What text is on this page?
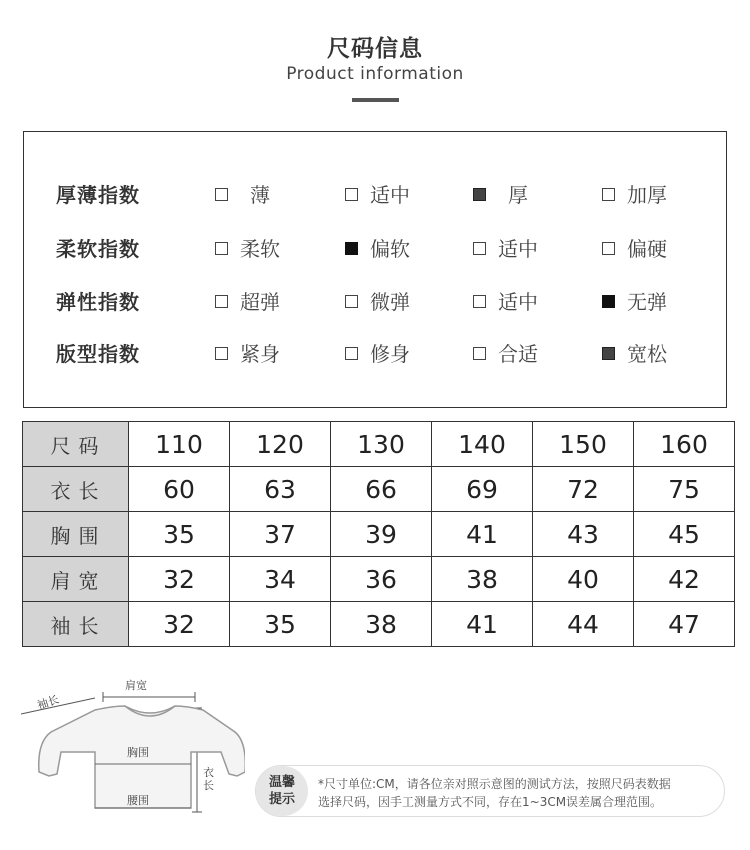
尺码信息
Product information
厚薄指数	薄	适中	厚	加厚
柔软指数	柔软	偏软	适中	偏硬
弹性指数	超弹	微弹	适中	无弹
版型指数	紧身	修身	合适	宽松
尺码	110	120	130	140	150	160
衣长	60	63	66	69	72	75
胸围	35	37	39	41	43	45
肩宽	32	34	36	38	40	42
袖长	32	35	38	41	44	47
肩宽
袖长
胸围
腰围
衣长	温馨
提示
*尺寸单位:CM，请各位亲对照示意图的测试方法，按照尺码表数据
选择尺码，因手工测量方式不同，存在1~3CM误差属合理范围。
